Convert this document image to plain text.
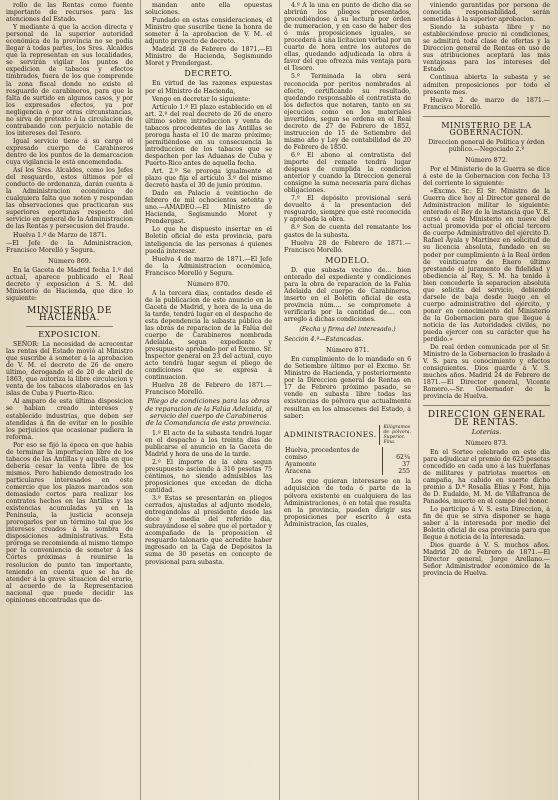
rollo de las Rentas como fuente importante de recursos para las atenciones del Estado.

Y mediante á que la accion directa y personal de la superior autoridad económica de la provincia no se podia llegar á todas partes, los Sres. Alcaldes que la representan en sus localidades, se servirán vigilar los puntos de expedicion de tabacos y efectos timbrados, fuera de los que comprende la zona fiscal donde no existe el resguardo de carabineros, para que la falta de surtido en algunos casos, y por los expresados efectos, ya por negligencia ó por otras circunstancias, no sirva de pretexto á la circulacion de contrabando con perjuicio notable de los intereses del Tesoro.

Igual servicio tiene á su cargo el expresado cuerpo de Carabineros dentro de los puntos de la demarcacion cuya vigilancia le está encomendada.

Así los Sres. Alcaldes, como los Jefes del resguardo, estos últimos por el conducto de ordenanza, darán cuenta á la Administracion económica de cualquiera falta que noten y respondan las observaciones que practicaran sus superiores oportunas respecto del servicio en general de la Administracion de las Rentas y persecusion del fraude.

Huelva 1.º de Marzo de 1871.

—El Jefe de la Administracion, Francisco Morelló y Segura.

Número 869.

En la Gaceta de Madrid fecha 1.º del actual, aparece publicado el Real decreto y exposicion á S. M. del Ministerio de Hacienda, que dice lo siguiente:

MINISTERIO DE HACIENDA.
EXPOSICION.

SEÑOR: La necesidad de acrecentar las rentas del Estado movió al Ministro que suscribe á someter á la aprobacion de V. M. el decreto de 26 de enero último, derogando el de 20 de abril de 1863, que autoriza la libre circulacion y venta de los tabacos elaborados en las islas de Cuba y Puerto-Rico.

Al amparo de esta última disposicion se habian creado intereses y establecido industrias, que deben ser atendidas á fin de evitar en lo posible los perjuicios que ocasionar pudiera la reforma.

Por eso se fijó la época en que habia de terminar la importacion libre de los tabacos de las Antillas y aquella en que debería cesar la venta libre de los mismos. Pero habiendo demostrado los particulares interesados en este comercio que los plazos marcados son demasiado cortos para realizar los contratos hechos en las Antillas y las existencias acumuladas ya en la Península, la justicia aconseja prorogarlos por un término tal que los intereses creados á la sombra de disposiciones administrativas. Esta próroga se recomienda al mismo tiempo por la conveniencia de someter á las Córtes próximas á reunirse la resolucion de punto tan importante, teniendo en cuenta que se ha de atender á la grave situacion del erario, al acuerdo de la Representacion nacional que puede decidir las opiniones encontradas que de-

mandan ante ella opuestas soluciones.

Fundado en estas consideraciones, el Ministro que suscribe tiene la honra de someter á la aprobacion de V. M. el adjunto proyecto de decreto.

Madrid 28 de Febrero de 1871.—El Ministro de Hacienda, Segismundo Moret y Prendergast.

DECRETO.

En virtud de las razones expuestas por el Ministro de Hacienda,

Vengo en decretar lo siguiente:

Artículo 1.º El plazo establecido en el art. 2.º del real decreto de 26 de enero último sobre introduccion y venta de tabacos procedentes de las Antillas se proroga hasta el 10 de marzo próximo; permitiéndose en su consecuencia la introduccion de los tabacos que se despachen por las Aduanas de Cuba y Puerto-Rico antes de aquella fecha.

Art. 2.º Se proroga igualmente el plazo que fija el artículo 3.º del mismo decreto hasta el 30 de junio próximo.

Dado en Palacio á veintiocho de febrero de mil ochocientos setenta y uno.—AMADEO.—El Ministro de Hacienda, Segismundo Moret y Prendergast.

Lo que he dispuesto insertar en el Boletin oficial de esta provincia, para inteligencia de las personas á quienes pueda interesar.

Huelva 4 de marzo de 1871.—El Jefe de la Administracion económica, Francisco Morelló y Segura.

Número 870.

A la tercera dias, contados desde el de la publicacion de este anuncio en la Gaceta de Madrid, y hora de la una de la tarde, tendrá lugar en el despacho de esta dependencia la subasta pública de las obras de reparacion de la Falúa del cuerpo de Carabineros nombrada Adelaida, segun expediente y presupuesto aprobado por el Excmo. Sr. Inspector general en 23 del actual, cuyo acto tendrá lugar segun el pliego de condiciones que se expresa á continuacion.

Huelva 28 de Febrero de 1871.—Francisco Morelló.

Pliego de condiciones para las obras de reparacion de la Falúa Adelaida, al servicio del cuerpo de Carabineros de la Comandancia de esta provincia.

1.º El acto de la subasta tendrá lugar en el despacho á los treinta dias de publicarse el anuncio en la Gaceta de Madrid y hora de una de la tarde.

2.º El importe de la obra segun presupuesto asciende á 316 pesetas 75 céntimos, no siendo admisibles las proposiciones que excedan de dicha cantidad.

3.º Estas se presentarán en pliegos cerrados, ajustadas al adjunto modelo, entregándolas al presidente desde las doce y media del referido dia, subrayándose el sobre que el portador y acompañado de la proposicion el resguardo talonario que acredite haber ingresado en la Caja de Depósitos la suma de 30 pesetas en concepto de provisional para subasta.

4.º A la una en punto de dicho dia se abrirán los pliegos presentados, procediéndose á su lectura por órden de numeracion, y en caso de haber dos ó más proposiciones iguales, se procederá á una licitacion verbal por un cuarto de hora entre los autores de ellas, quedando adjudicada la obra á favor del que ofrezca más ventaja para el Tesoro.

5.º Terminada la obra será reconocida por peritos nombrados al efecto, certificando su resultado, quedando responsable el contratista de los defectos que notaren, tanto en su ejecucion como en los materiales invertidos, segun se ordena en el Real decreto de 27 de Febrero de 1852, instruccion de 15 de Setiembre del mismo año y Ley de contabilidad de 20 de Febrero de 1850.

6.º El abono al contratista del importe del remate tendrá lugar despues de cumplida la condicion anterior y cuando la Direccion general consigne la suma necesaria para dichas obligaciones.

7.º El depósito provisional será devuelto á la presentacion del resguardo, siempre que esté reconocida y aprobada la obra.

8.º Son de cuenta del rematante los gastos de la subasta.

Huelva 28 de Febrero de 1871.—Francisco Morelló.

MODELO.

D. que subasta vecino de... bien enterado del expediente y condiciones para la obra de reparacion de la Falúa Adelaida del cuerpo de Carabineros, inserto en el Boletin oficial de esta provincia núm.... se compromete á verificarla por la cantidad de.... con arreglo á dichas condiciones.

(Fecha y firma del interesado.)

Sección 4.ª—Estancadas.

Número 871.

En cumplimiento de lo mandado en 6 de Setiembre último por el Excmo. Sr. Ministro de Hacienda, y posteriormente por la Direccion general de Rentas en 17 de Febrero próximo pasado, se vende en subasta libre todas las existencias de pólvora que actualmente resultan en los almacenes del Estado, á saber:

ADMINISTRACIONES.
Kilógramos de pólvora. Superior. Fina.
Huelva, procedentes de	
comiso	62¼
Ayamonte	37
Aracena	255

Los que quieran interesarse en la adquisicion de toda ó parte de la pólvora existente en cualquiera de las Administraciones, ó en total que resulta en la provincia, pueden dirigir sus proposiciones por escrito á esta Administracion, las cuales,

viniendo garantidas por persona de conocida responsabilidad, serán sometidas á la superior aprobacion.

Siendo la subasta libre y no estableciéndose precio ni condiciones, se admitirá toda clase de ofertas y la Direccion general de Rentas en uso de sus atribuciones aceptará las más ventajosas para los intereses del Estado.

Contínua abierta la subasta y se admiten proposiciones por todo el presente mes.

Huelva 2 de marzo de 1871.—Francisco Morelló.

MINISTERIO DE LA GOBERNACION.

Direccion general de Política y órden público.—Negociado 2.º

Número 872.

Por el Ministerio de la Guerra se dice á este de la Gobernacion con fecha 13 del corriente lo siguiente:

«Excmo. Sr.: El Sr. Ministro de la Guerra dice hoy al Director general de Administracion militar lo siguiente: enterado el Rey de la instancia que V. E. cursó á este Ministerio en nueve del actual promovida por el oficial tercero de cuerpo Administrativo del ejército D. Rafael Ayala y Martínez en solicitud de su licencia absoluta, fundado en su poder por cumplimiento á la Real órden de veinticuatro de Enero último prestando el juramento de fidelidad y obediencia al Rey, S. M. ha tenido á bien concederle la separacion absoluta que solicita del servicio, debiendo darsele de baja desde luego en el cuerpo administrativo del ejército, y poner en conocimiento del Ministerio de la Gobernacion para que llegue á noticia de las Autoridades civiles, no pueda ejercer con su carácter que ha perdido.»

De real órden comunicada por el Sr. Ministro de la Gobernacion lo traslado á V. S. para su conocimiento y efectos consiguientes. Dios guarde á V. S. muchos años. Madrid 24 de Febrero de 1871.—El Director general, Vicente Romero.—Sr. Gobernador de la provincia de Huelva.

DIRECCION GENERAL DE RENTAS.
Loterías.
Número 873.

En el Sorteo celebrado en este dia para adjudicar el premio de 625 pesetas concedido en cada uno á las huérfanas de militares y patriotas muertos en campaña, ha cabido en suerte dicho premio á D.ª Rosalía Elías y Font, hija de D. Eudaldo, M. M. de Villafranca de Panadés, muerto en el campo del honor.

Lo participo á V. S. esta Direccion, á fin de que se sirva disponer se haga saber á la interesada por medio del Boletin oficial de esa provincia para que llegue á noticia de la interesada.

Dios guarde á V. S. muchos años. Madrid 20 de Febrero de 1871.—El Director general, Jorge Arellano.—Señor Administrador económico de la provincia de Huelva.
